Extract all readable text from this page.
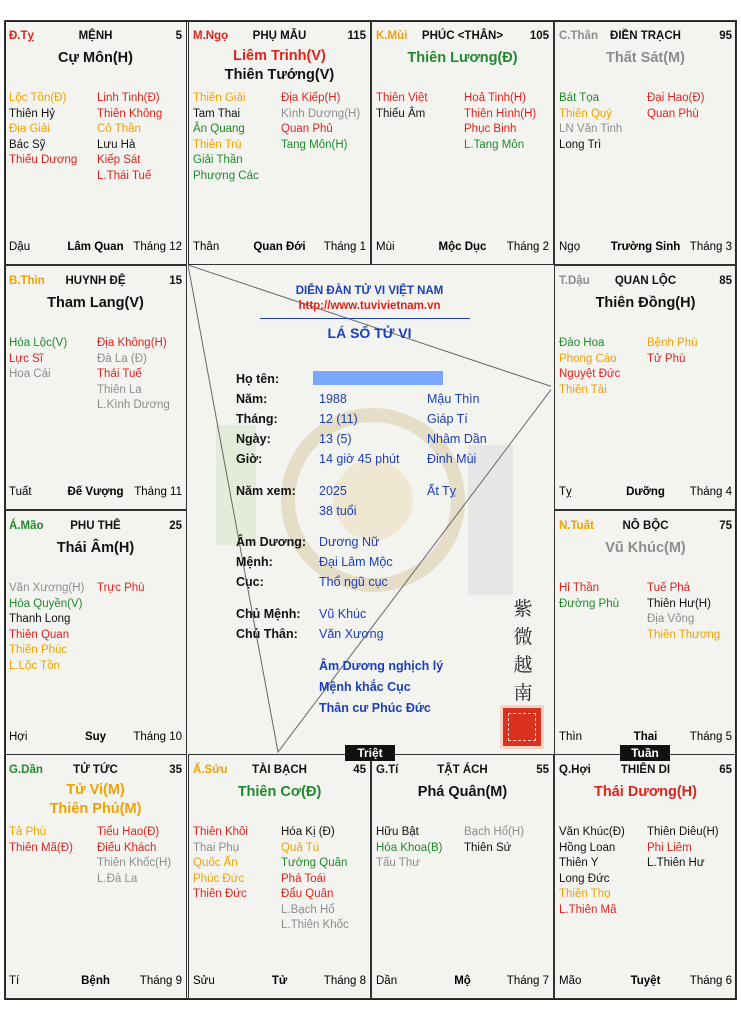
DIỄN ĐÀN TỬ VI VIỆT NAM
http://www.tuvivietnam.vn
LÁ SỐ TỬ VI
Họ tên:
Năm:	1988	Mậu Thìn
Tháng:	12 (11)	Giáp Tí
Ngày:	13 (5)	Nhâm Dần
Giờ:	14 giờ 45 phút Đinh Mùi
Năm xem: 2025	Ất Tỵ
38 tuổi
Âm Dương: Dương Nữ
Mệnh:	Đại Lâm Mộc
Cục:	Thổ ngũ cục
Chủ Mệnh: Vũ Khúc
Chủ Thân: Văn Xương
Âm Dương nghịch lý
Mệnh khắc Cục
Thân cư Phúc Đức
紫
微
越
南
MỆNH
Đ.Tỵ	5
Cự Môn(H)
Lộc Tồn(Đ)
Thiên Hỷ
Địa Giải
Bác Sỹ
Thiếu Dương
Linh Tinh(Đ)
Thiên Không
Cô Thần
Lưu Hà
Kiếp Sát
L.Thái Tuế
Dậu	Lâm Quan Tháng 12
PHỤ MẪU
M.Ngọ	115
Liêm Trinh(V)
Thiên Tướng(V)
Thiên Giải
Tam Thai
Ân Quang
Thiên Trù
Giải Thần
Phượng Các
Địa Kiếp(H)
Kình Dương(H)
Quan Phủ
Tang Môn(H)
Thân	Quan Đới	Tháng 1
PHÚC <THÂN>
K.Mùi	105
Thiên Lương(Đ)
Thiên Việt
Thiếu Âm
Hoả Tinh(H)
Thiên Hình(H)
Phục Binh
L.Tang Môn
Mùi	Mộc Dục	Tháng 2
ĐIỀN TRẠCH
C.Thân	95
Thất Sát(M)
Bát Tọa
Thiên Quý
LN Văn Tinh
Long Trì
Đại Hao(Đ)
Quan Phù
Ngọ	Trường Sinh Tháng 3
HUYNH ĐỆ
B.Thìn	15
Tham Lang(V)
Hóa Lộc(V)
Lực Sĩ
Hoa Cái
Địa Không(H)
Đà La (Đ)
Thái Tuế
Thiên La
L.Kình Dương
Tuất	Đế Vượng Tháng 11
QUAN LỘC
T.Dậu	85
Thiên Đồng(H)
Đào Hoa
Phong Cáo
Nguyệt Đức
Thiên Tài
Bệnh Phù
Tử Phù
Tỵ	Dưỡng	Tháng 4
PHU THÊ
Á.Mão	25
Thái Âm(H)
Văn Xương(H)
Hóa Quyền(V)
Thanh Long
Thiên Quan
Thiên Phúc
L.Lộc Tồn
Trực Phù
Hợi	Suy	Tháng 10
NÔ BỘC
N.Tuất	75
Vũ Khúc(M)
Hỉ Thần
Đường Phù
Tuế Phá
Thiên Hư(H)
Địa Võng
Thiên Thương
Thìn	Thai	Tháng 5
TỬ TỨC
G.Dần	35
Tử Vi(M)
Thiên Phủ(M)
Tả Phù
Thiên Mã(Đ)
Tiểu Hao(Đ)
Điếu Khách
Thiên Khốc(H)
L.Đà La
Tí	Bệnh	Tháng 9
TÀI BẠCH
Ấ.Sửu	45
Thiên Cơ(Đ)
Thiên Khôi
Thai Phụ
Quốc Ấn
Phúc Đức
Thiên Đức
Hóa Kị (Đ)
Quả Tú
Tướng Quân
Phá Toái
Đẩu Quân
L.Bạch Hổ
L.Thiên Khốc
Sửu	Tử	Tháng 8
TẬT ÁCH
G.Tí	55
Phá Quân(M)
Hữu Bật
Hóa Khoa(B)
Tấu Thư
Bạch Hổ(H)
Thiên Sứ
Dần	Mộ	Tháng 7
THIÊN DI
Q.Hợi	65
Thái Dương(H)
Văn Khúc(Đ)
Hồng Loan
Thiên Y
Long Đức
Thiên Thọ
L.Thiên Mã
Thiên Diêu(H)
Phi Liêm
L.Thiên Hư
Mão	Tuyệt	Tháng 6
Triệt	Tuần
